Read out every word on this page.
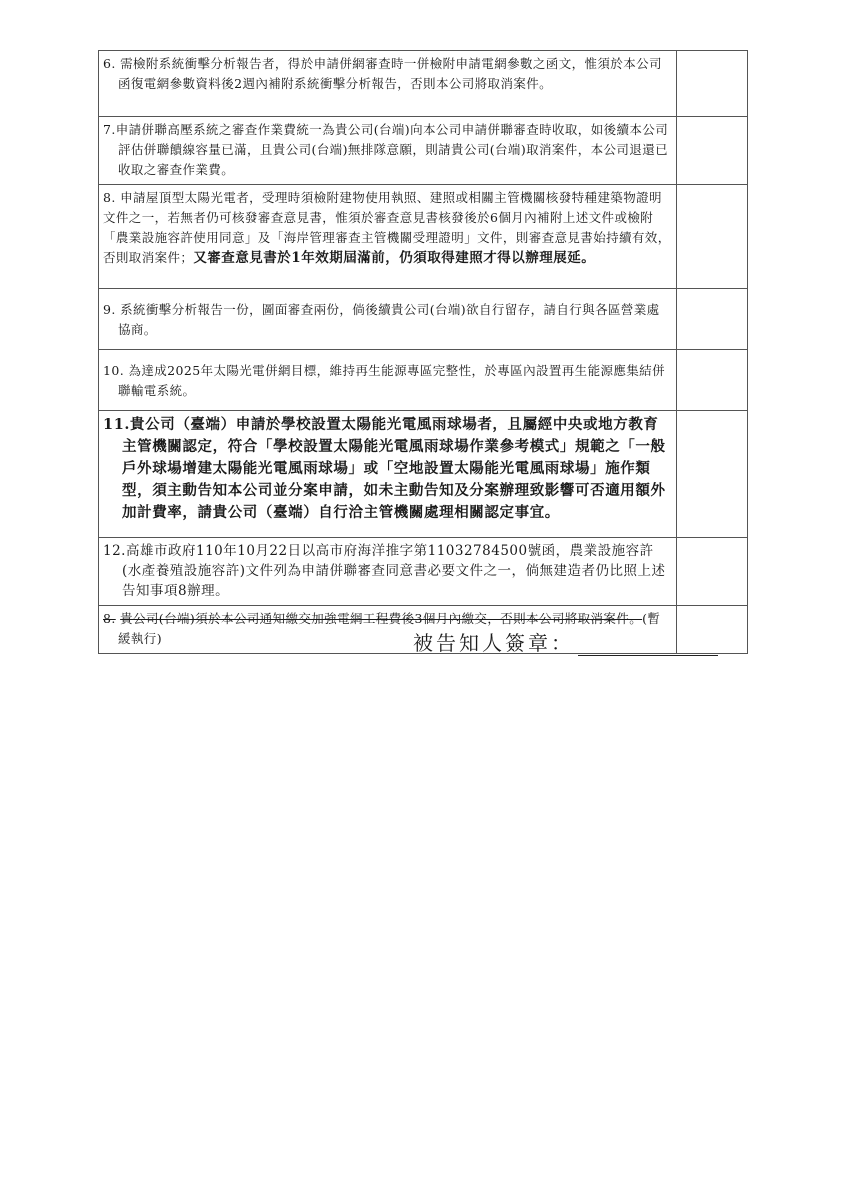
6. 需檢附系統衝擊分析報告者，得於申請併網審查時一併檢附申請電網參數之函文，惟須於本公司函復電網參數資料後2週內補附系統衝擊分析報告，否則本公司將取消案件。	

7.申請併聯高壓系統之審查作業費統一為貴公司(台端)向本公司申請併聯審查時收取，如後續本公司評估併聯饋線容量已滿，且貴公司(台端)無排隊意願，則請貴公司(台端)取消案件，本公司退還已收取之審查作業費。	

8. 申請屋頂型太陽光電者，受理時須檢附建物使用執照、建照或相關主管機關核發特種建築物證明文件之一，若無者仍可核發審查意見書，惟須於審查意見書核發後於6個月內補附上述文件或檢附「農業設施容許使用同意」及「海岸管理審查主管機關受理證明」文件，則審查意見書始持續有效，否則取消案件；又審查意見書於1年效期屆滿前，仍須取得建照才得以辦理展延。	

9. 系統衝擊分析報告一份，圖面審查兩份，倘後續貴公司(台端)欲自行留存，請自行與各區營業處協商。	

10. 為達成2025年太陽光電併網目標，維持再生能源專區完整性，於專區內設置再生能源應集結併聯輸電系統。	

11.貴公司（臺端）申請於學校設置太陽能光電風雨球場者，且屬經中央或地方教育主管機關認定，符合「學校設置太陽能光電風雨球場作業參考模式」規範之「一般戶外球場增建太陽能光電風雨球場」或「空地設置太陽能光電風雨球場」施作類型，須主動告知本公司並分案申請，如未主動告知及分案辦理致影響可否適用額外加計費率，請貴公司（臺端）自行洽主管機關處理相關認定事宜。	

12.高雄市政府110年10月22日以高市府海洋推字第11032784500號函，農業設施容許(水產養殖設施容許)文件列為申請併聯審查同意書必要文件之一，倘無建造者仍比照上述告知事項8辦理。	

8. 貴公司(台端)須於本公司通知繳交加強電網工程費後3個月內繳交，否則本公司將取消案件。(暫緩執行)	

		被告知人簽章：
